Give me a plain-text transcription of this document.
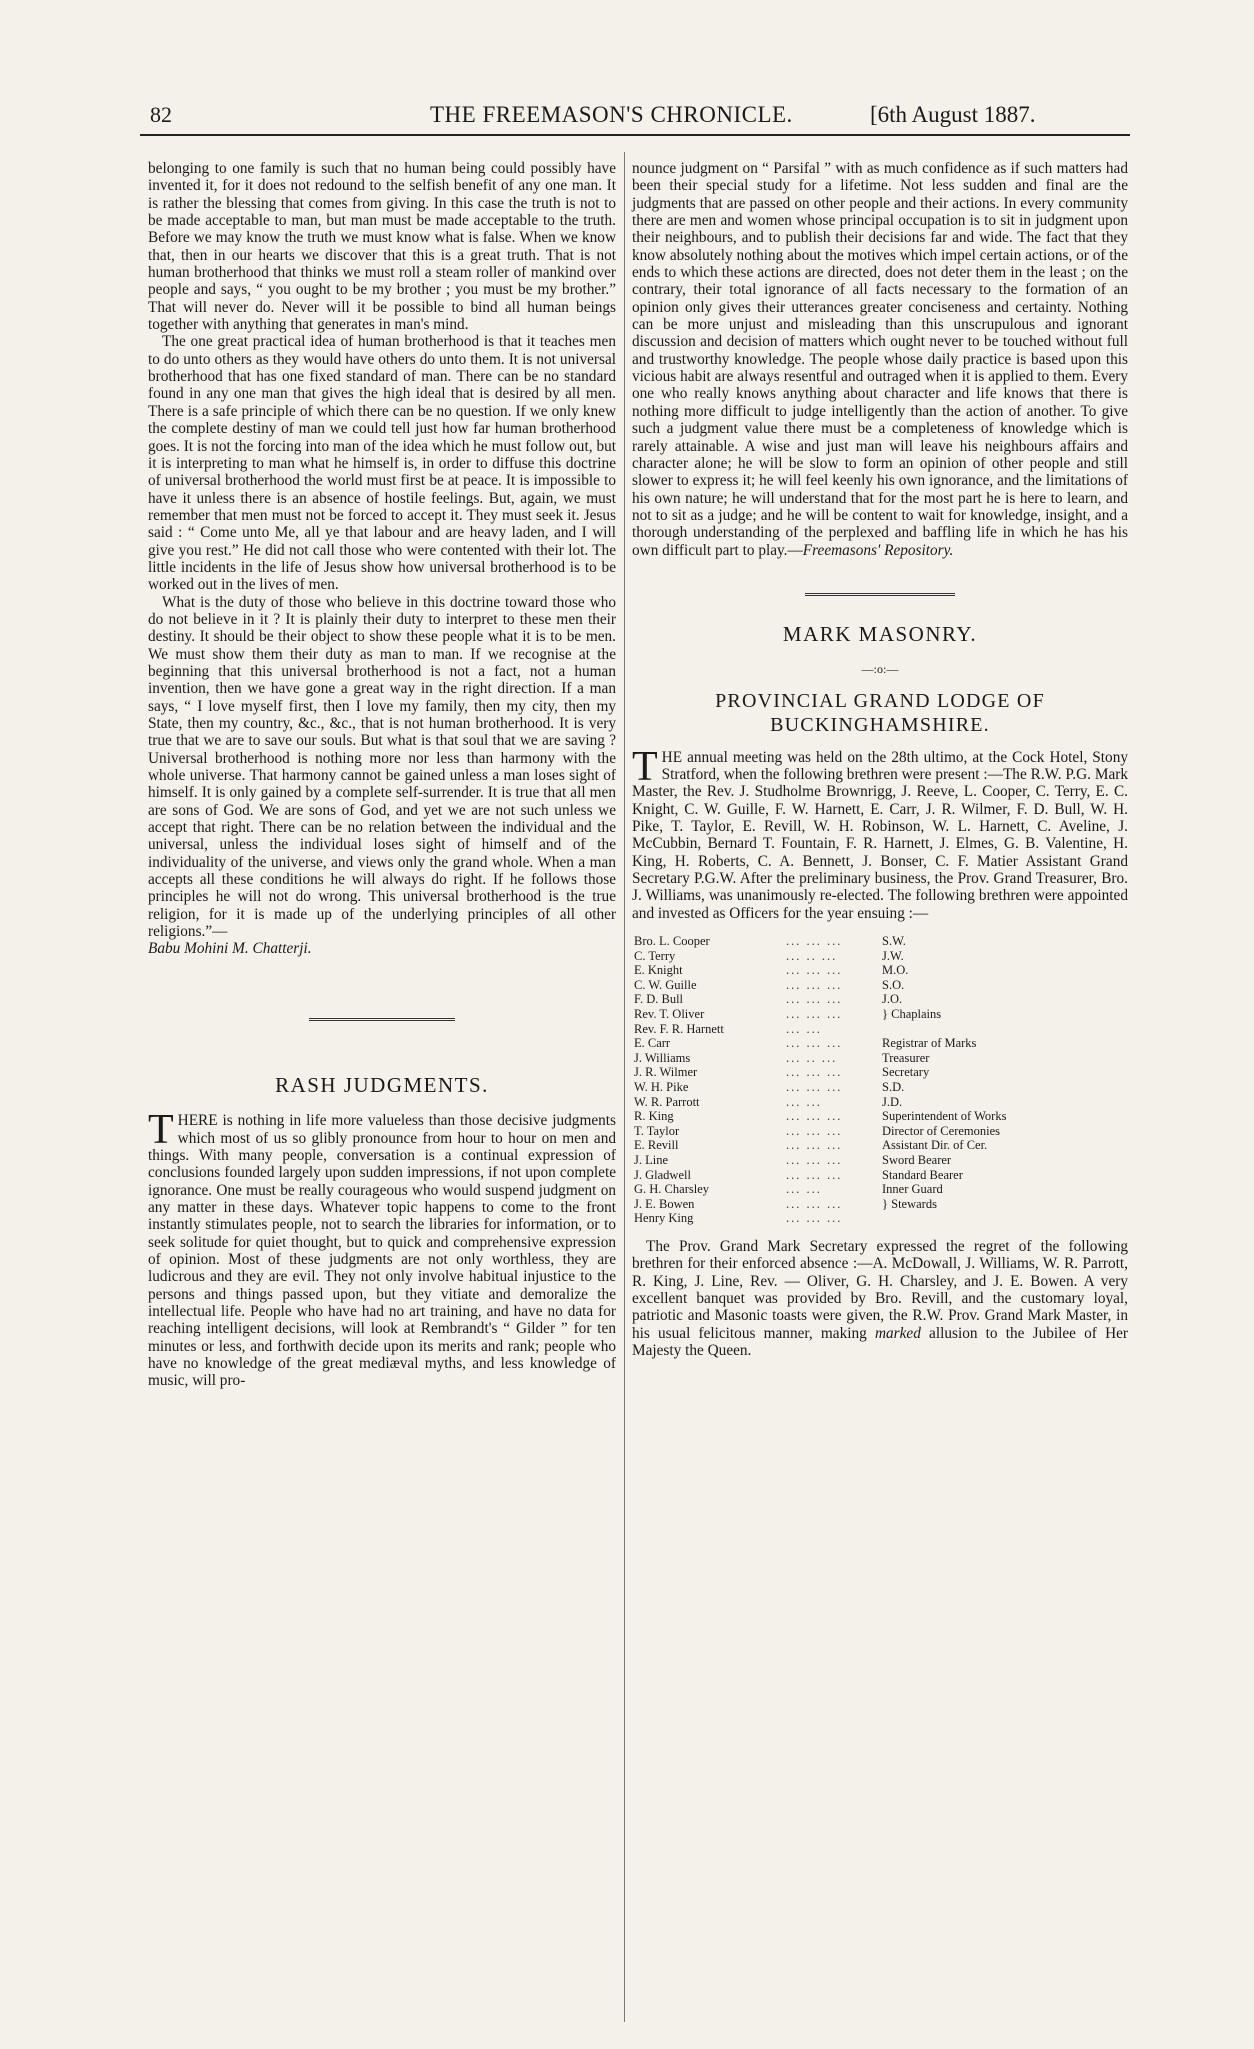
82	THE FREEMASON'S CHRONICLE.	[6th August 1887.

belonging to one family is such that no human being could possibly have invented it, for it does not redound to the selfish benefit of any one man. It is rather the blessing that comes from giving. In this case the truth is not to be made acceptable to man, but man must be made acceptable to the truth. Before we may know the truth we must know what is false. When we know that, then in our hearts we discover that this is a great truth. That is not human brotherhood that thinks we must roll a steam roller of mankind over people and says, “ you ought to be my brother ; you must be my brother.” That will never do. Never will it be possible to bind all human beings together with anything that generates in man's mind.

The one great practical idea of human brotherhood is that it teaches men to do unto others as they would have others do unto them. It is not universal brotherhood that has one fixed standard of man. There can be no standard found in any one man that gives the high ideal that is desired by all men. There is a safe principle of which there can be no question. If we only knew the complete destiny of man we could tell just how far human brotherhood goes. It is not the forcing into man of the idea which he must follow out, but it is interpreting to man what he himself is, in order to diffuse this doctrine of universal brotherhood the world must first be at peace. It is impossible to have it unless there is an absence of hostile feelings. But, again, we must remember that men must not be forced to accept it. They must seek it. Jesus said : “ Come unto Me, all ye that labour and are heavy laden, and I will give you rest.” He did not call those who were contented with their lot. The little incidents in the life of Jesus show how universal brotherhood is to be worked out in the lives of men.

What is the duty of those who believe in this doctrine toward those who do not believe in it ? It is plainly their duty to interpret to these men their destiny. It should be their object to show these people what it is to be men. We must show them their duty as man to man. If we recognise at the beginning that this universal brotherhood is not a fact, not a human invention, then we have gone a great way in the right direction. If a man says, “ I love myself first, then I love my family, then my city, then my State, then my country, &c., &c., that is not human brotherhood. It is very true that we are to save our souls. But what is that soul that we are saving ? Universal brotherhood is nothing more nor less than harmony with the whole universe. That harmony cannot be gained unless a man loses sight of himself. It is only gained by a complete self-surrender. It is true that all men are sons of God. We are sons of God, and yet we are not such unless we accept that right. There can be no relation between the individual and the universal, unless the individual loses sight of himself and of the individuality of the universe, and views only the grand whole. When a man accepts all these conditions he will always do right. If he follows those principles he will not do wrong. This universal brotherhood is the true religion, for it is made up of the underlying principles of all other religions.”—

Babu Mohini M. Chatterji.

RASH JUDGMENTS.

THERE is nothing in life more valueless than those decisive judgments which most of us so glibly pronounce from hour to hour on men and things. With many people, conversation is a continual expression of conclusions founded largely upon sudden impressions, if not upon complete ignorance. One must be really courageous who would suspend judgment on any matter in these days. Whatever topic happens to come to the front instantly stimulates people, not to search the libraries for information, or to seek solitude for quiet thought, but to quick and comprehensive expression of opinion. Most of these judgments are not only worthless, they are ludicrous and they are evil. They not only involve habitual injustice to the persons and things passed upon, but they vitiate and demoralize the intellectual life. People who have had no art training, and have no data for reaching intelligent decisions, will look at Rembrandt's “ Gilder ” for ten minutes or less, and forthwith decide upon its merits and rank; people who have no knowledge of the great mediæval myths, and less knowledge of music, will pro-

nounce judgment on “ Parsifal ” with as much confidence as if such matters had been their special study for a lifetime. Not less sudden and final are the judgments that are passed on other people and their actions. In every community there are men and women whose principal occupation is to sit in judgment upon their neighbours, and to publish their decisions far and wide. The fact that they know absolutely nothing about the motives which impel certain actions, or of the ends to which these actions are directed, does not deter them in the least ; on the contrary, their total ignorance of all facts necessary to the formation of an opinion only gives their utterances greater conciseness and certainty. Nothing can be more unjust and misleading than this unscrupulous and ignorant discussion and decision of matters which ought never to be touched without full and trustworthy knowledge. The people whose daily practice is based upon this vicious habit are always resentful and outraged when it is applied to them. Every one who really knows anything about character and life knows that there is nothing more difficult to judge intelligently than the action of another. To give such a judgment value there must be a completeness of knowledge which is rarely attainable. A wise and just man will leave his neighbours affairs and character alone; he will be slow to form an opinion of other people and still slower to express it; he will feel keenly his own ignorance, and the limitations of his own nature; he will understand that for the most part he is here to learn, and not to sit as a judge; and he will be content to wait for knowledge, insight, and a thorough understanding of the perplexed and baffling life in which he has his own difficult part to play.—Freemasons' Repository.

MARK MASONRY.
—:o:—
PROVINCIAL GRAND LODGE OF BUCKINGHAMSHIRE.

THE annual meeting was held on the 28th ultimo, at the Cock Hotel, Stony Stratford, when the following brethren were present :—The R.W. P.G. Mark Master, the Rev. J. Studholme Brownrigg, J. Reeve, L. Cooper, C. Terry, E. C. Knight, C. W. Guille, F. W. Harnett, E. Carr, J. R. Wilmer, F. D. Bull, W. H. Pike, T. Taylor, E. Revill, W. H. Robinson, W. L. Harnett, C. Aveline, J. McCubbin, Bernard T. Fountain, F. R. Harnett, J. Elmes, G. B. Valentine, H. King, H. Roberts, C. A. Bennett, J. Bonser, C. F. Matier Assistant Grand Secretary P.G.W. After the preliminary business, the Prov. Grand Treasurer, Bro. J. Williams, was unanimously re-elected. The following brethren were appointed and invested as Officers for the year ensuing :—

Bro. L. Cooper	... ... ...	S.W.
C. Terry	... .. ...	J.W.
E. Knight	... ... ...	M.O.
C. W. Guille	... ... ...	S.O.
F. D. Bull	... ... ...	J.O.
Rev. T. Oliver	... ... ...	} Chaplains
Rev. F. R. Harnett	... ...	
E. Carr	... ... ...	Registrar of Marks
J. Williams	... .. ...	Treasurer
J. R. Wilmer	... ... ...	Secretary
W. H. Pike	... ... ...	S.D.
W. R. Parrott	... ...	J.D.
R. King	... ... ...	Superintendent of Works
T. Taylor	... ... ...	Director of Ceremonies
E. Revill	... ... ...	Assistant Dir. of Cer.
J. Line	... ... ...	Sword Bearer
J. Gladwell	... ... ...	Standard Bearer
G. H. Charsley	... ...	Inner Guard
J. E. Bowen	... ... ...	} Stewards
Henry King	... ... ...	

The Prov. Grand Mark Secretary expressed the regret of the following brethren for their enforced absence :—A. McDowall, J. Williams, W. R. Parrott, R. King, J. Line, Rev. — Oliver, G. H. Charsley, and J. E. Bowen. A very excellent banquet was provided by Bro. Revill, and the customary loyal, patriotic and Masonic toasts were given, the R.W. Prov. Grand Mark Master, in his usual felicitous manner, making marked allusion to the Jubilee of Her Majesty the Queen.
